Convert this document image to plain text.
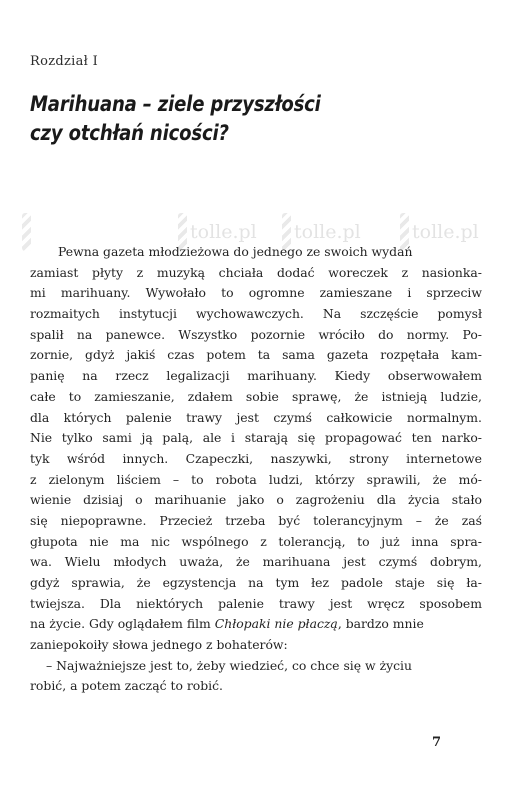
Rozdział I
Marihuana – ziele przyszłości
czy otchłań nicości?
tolle.pl tolle.pl	tolle.pl
Pewna gazeta młodzieżowa do jednego ze swoich wydań
zamiast płyty z muzyką chciała dodać woreczek z nasionka-
mi marihuany. Wywołało to ogromne zamieszane i sprzeciw
rozmaitych instytucji wychowawczych. Na szczęście pomysł
spalił na panewce. Wszystko pozornie wróciło do normy. Po-
zornie, gdyż jakiś czas potem ta sama gazeta rozpętała kam-
panię na rzecz legalizacji marihuany. Kiedy obserwowałem
całe to zamieszanie, zdałem sobie sprawę, że istnieją ludzie,
dla których palenie trawy jest czymś całkowicie normalnym.
Nie tylko sami ją palą, ale i starają się propagować ten narko-
tyk wśród innych. Czapeczki, naszywki, strony internetowe
z zielonym liściem – to robota ludzi, którzy sprawili, że mó-
wienie dzisiaj o marihuanie jako o zagrożeniu dla życia stało
się niepoprawne. Przecież trzeba być tolerancyjnym – że zaś
głupota nie ma nic wspólnego z tolerancją, to już inna spra-
wa. Wielu młodych uważa, że marihuana jest czymś dobrym,
gdyż sprawia, że egzystencja na tym łez padole staje się ła-
twiejsza. Dla niektórych palenie trawy jest wręcz sposobem
na życie. Gdy oglądałem film Chłopaki nie płaczą, bardzo mnie
zaniepokoiły słowa jednego z bohaterów:
– Najważniejsze jest to, żeby wiedzieć, co chce się w życiu
robić, a potem zacząć to robić.
7
